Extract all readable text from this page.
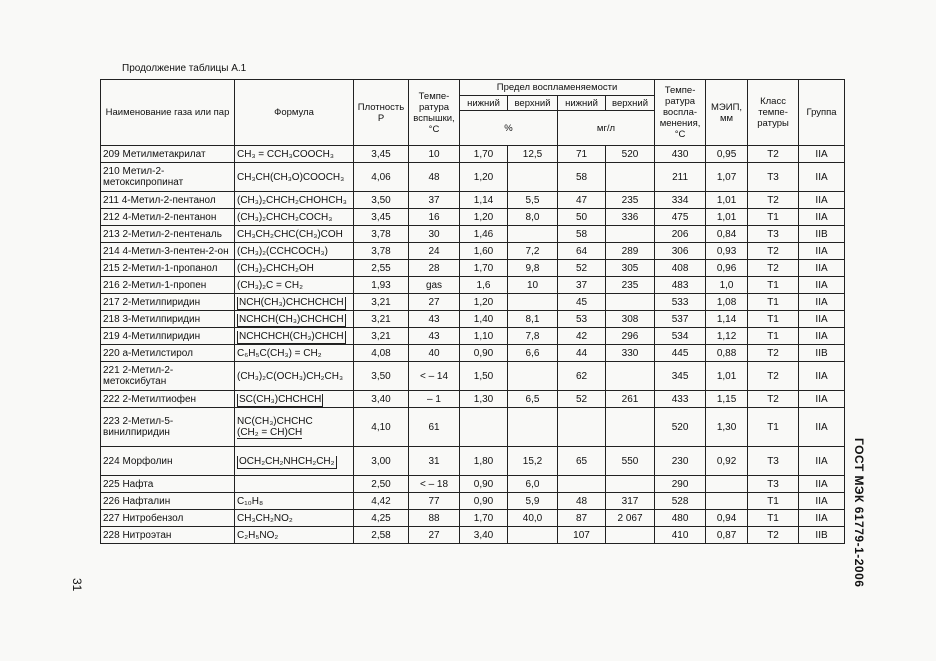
Продолжение таблицы А.1
Наименование газа или пар	Формула	Плотность Р	Темпе-ратура вспышки, °С	Предел воспламеняемости				Темпе-ратура воспла-менения, °С	МЭИП, мм	Класс темпе-ратуры	Группа
				нижний	верхний	нижний	верхний				
				%		мг/л					
209 Метилметакрилат	CH₃ = CCH₃COOCH₃	3,45	10	1,70	12,5	71	520	430	0,95	T2	IIA
210 Метил-2-метоксипропинат	CH₃CH(CH₃O)COOCH₃	4,06	48	1,20		58		211	1,07	T3	IIA
211 4-Метил-2-пентанол	(CH₃)₂CHCH₂CHOHCH₃	3,50	37	1,14	5,5	47	235	334	1,01	T2	IIA
212 4-Метил-2-пентанон	(CH₃)₂CHCH₂COCH₃	3,45	16	1,20	8,0	50	336	475	1,01	T1	IIA
213 2-Метил-2-пентеналь	CH₃CH₂CHC(CH₃)COH	3,78	30	1,46		58		206	0,84	T3	IIB
214 4-Метил-3-пентен-2-он	(CH₃)₂(CCHCOCH₃)	3,78	24	1,60	7,2	64	289	306	0,93	T2	IIA
215 2-Метил-1-пропанол	(CH₃)₂CHCH₂OH	2,55	28	1,70	9,8	52	305	408	0,96	T2	IIA
216 2-Метил-1-пропен	(CH₃)₂C = CH₂	1,93	gas	1,6	10	37	235	483	1,0	T1	IIA
217 2-Метилпиридин	NCH(CH₃)CHCHCHCH	3,21	27	1,20		45		533	1,08	T1	IIA
218 3-Метилпиридин	NCHCH(CH₃)CHCHCH	3,21	43	1,40	8,1	53	308	537	1,14	T1	IIA
219 4-Метилпиридин	NCHCHCH(CH₃)CHCH	3,21	43	1,10	7,8	42	296	534	1,12	T1	IIA
220 а-Метилстирол	C₆H₅C(CH₃) = CH₂	4,08	40	0,90	6,6	44	330	445	0,88	T2	IIB
221 2-Метил-2-метоксибутан	(CH₃)₂C(OCH₃)CH₂CH₃	3,50	< – 14	1,50		62		345	1,01	T2	IIA
222 2-Метилтиофен	SC(CH₃)CHCHCH	3,40	– 1	1,30	6,5	52	261	433	1,15	T2	IIA
223 2-Метил-5-винилпиридин	NC(CH₃)CHCHC
(CH₂ = CH)CH	4,10	61					520	1,30	T1	IIA
224 Морфолин	OCH₂CH₂NHCH₂CH₂	3,00	31	1,80	15,2	65	550	230	0,92	T3	IIA
225 Нафта		2,50	< – 18	0,90	6,0			290		T3	IIA
226 Нафталин	C₁₀H₈	4,42	77	0,90	5,9	48	317	528		T1	IIA
227 Нитробензол	CH₃CH₂NO₂	4,25	88	1,70	40,0	87	2 067	480	0,94	T1	IIA
228 Нитроэтан	C₂H₅NO₂	2,58	27	3,40		107		410	0,87	T2	IIB ГОСТ МЭК 61779-1-2006
31
